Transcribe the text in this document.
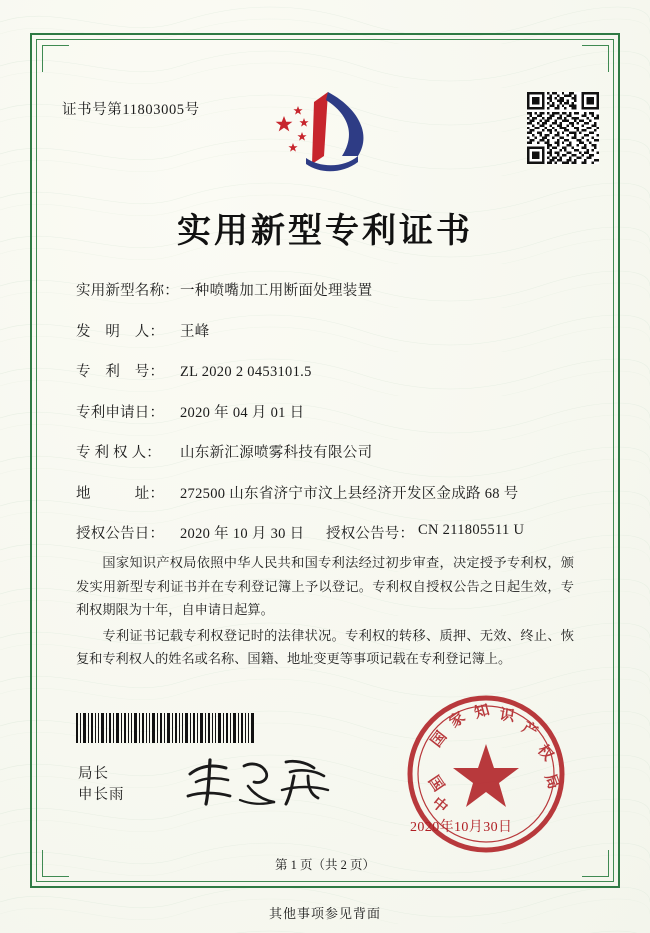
证书号第11803005号
实用新型专利证书
实用新型名称： 一种喷嘴加工用断面处理装置
发　明　人：	王峰
专　利　号：	ZL 2020 2 0453101.5
专利申请日：	2020 年 04 月 01 日
专 利 权 人：	山东新汇源喷雾科技有限公司
地　　　址：	272500 山东省济宁市汶上县经济开发区金成路 68 号
授权公告日：	2020 年 10 月 30 日 授权公告号： CN 211805511 U

国家知识产权局依照中华人民共和国专利法经过初步审查，决定授予专利权，颁发实用新型专利证书并在专利登记簿上予以登记。专利权自授权公告之日起生效，专利权期限为十年，自申请日起算。

专利证书记载专利权登记时的法律状况。专利权的转移、质押、无效、终止、恢复和专利权人的姓名或名称、国籍、地址变更等事项记载在专利登记簿上。

局长
申长雨
国
家 知 识
产
权
局
国
中
2020年10月30日
第 1 页（共 2 页）
其他事项参见背面
